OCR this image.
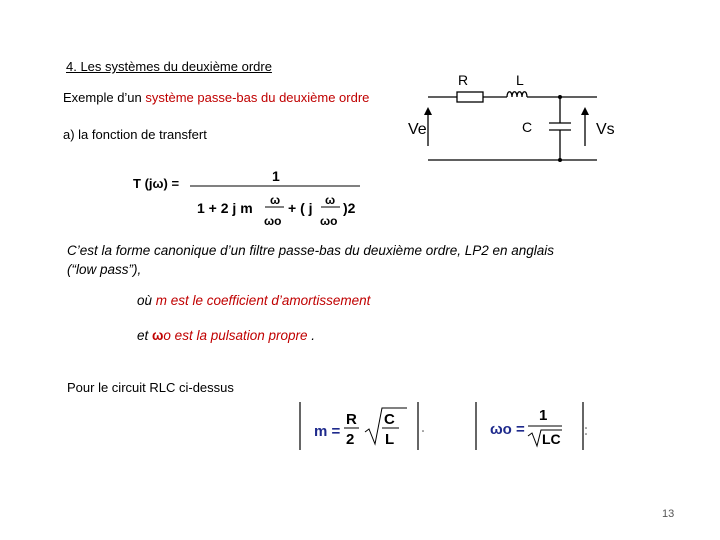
4. Les systèmes du deuxième ordre
Exemple d’un système passe-bas du deuxième ordre
R	L
C
Ve	Vs
a) la fonction de transfert
T (jω) =	1
1 + 2 j m ω
ωo
+ ( j ω
ωo
)2
C’est la forme canonique d’un filtre passe-bas du deuxième ordre, LP2 en anglais
(“low pass”),
où m est le coefficient d’amortissement
et ωo est la pulsation propre .
Pour le circuit RLC ci-dessus
m =
R
2
C
L
ωo =
1
LC
13
